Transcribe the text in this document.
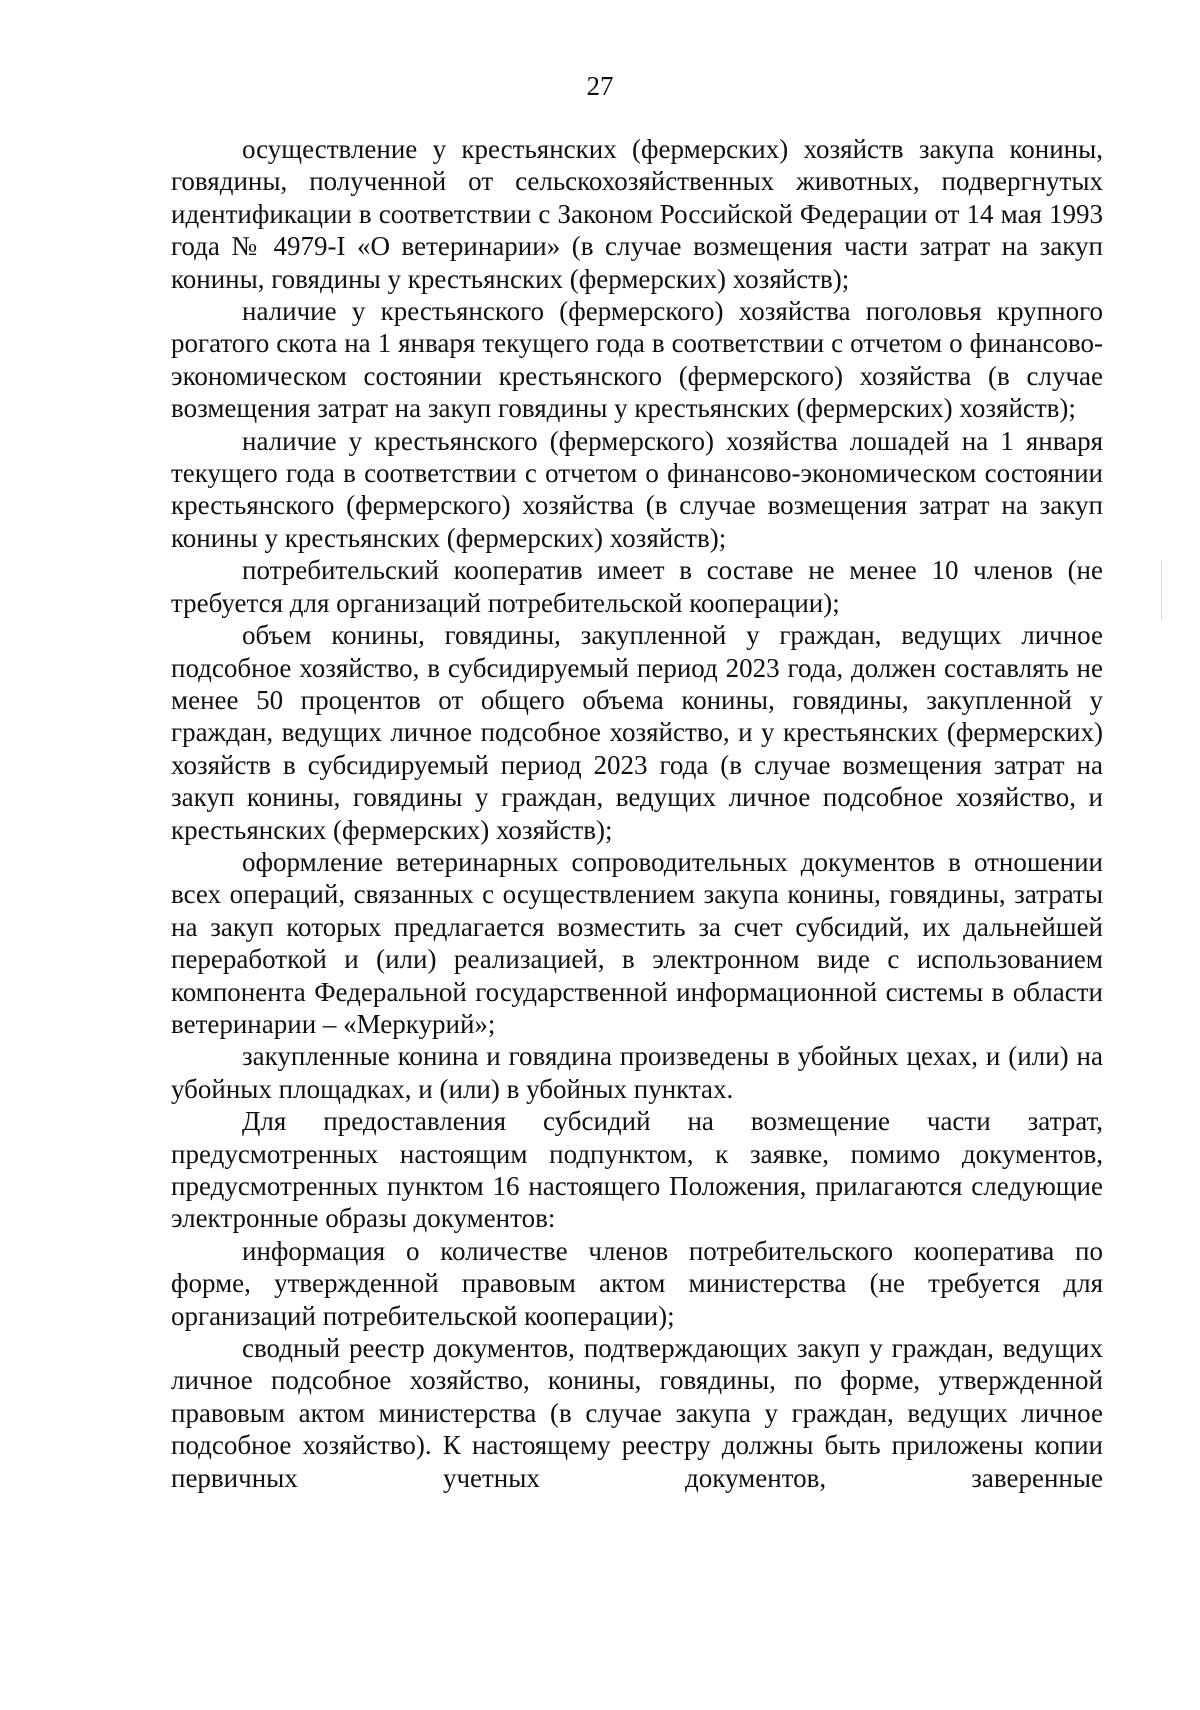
27

осуществление у крестьянских (фермерских) хозяйств закупа конины, говядины, полученной от сельскохозяйственных животных, подвергнутых идентификации в соответствии с Законом Российской Федерации от 14 мая 1993 года № 4979-I «О ветеринарии» (в случае возмещения части затрат на закуп конины, говядины у крестьянских (фермерских) хозяйств);

наличие у крестьянского (фермерского) хозяйства поголовья крупного рогатого скота на 1 января текущего года в соответствии с отчетом о финансово-экономическом состоянии крестьянского (фермерского) хозяйства (в случае возмещения затрат на закуп говядины у крестьянских (фермерских) хозяйств);

наличие у крестьянского (фермерского) хозяйства лошадей на 1 января текущего года в соответствии с отчетом о финансово-экономическом состоянии крестьянского (фермерского) хозяйства (в случае возмещения затрат на закуп конины у крестьянских (фермерских) хозяйств);

потребительский кооператив имеет в составе не менее 10 членов (не требуется для организаций потребительской кооперации);

объем конины, говядины, закупленной у граждан, ведущих личное подсобное хозяйство, в субсидируемый период 2023 года, должен составлять не менее 50 процентов от общего объема конины, говядины, закупленной у граждан, ведущих личное подсобное хозяйство, и у крестьянских (фермерских) хозяйств в субсидируемый период 2023 года (в случае возмещения затрат на закуп конины, говядины у граждан, ведущих личное подсобное хозяйство, и крестьянских (фермерских) хозяйств);

оформление ветеринарных сопроводительных документов в отношении всех операций, связанных с осуществлением закупа конины, говядины, затраты на закуп которых предлагается возместить за счет субсидий, их дальнейшей переработкой и (или) реализацией, в электронном виде с использованием компонента Федеральной государственной информационной системы в области ветеринарии – «Меркурий»;

закупленные конина и говядина произведены в убойных цехах, и (или) на убойных площадках, и (или) в убойных пунктах.

Для предоставления субсидий на возмещение части затрат, предусмотренных настоящим подпунктом, к заявке, помимо документов, предусмотренных пунктом 16 настоящего Положения, прилагаются следующие электронные образы документов:

информация о количестве членов потребительского кооператива по форме, утвержденной правовым актом министерства (не требуется для организаций потребительской кооперации);

сводный реестр документов, подтверждающих закуп у граждан, ведущих личное подсобное хозяйство, конины, говядины, по форме, утвержденной правовым актом министерства (в случае закупа у граждан, ведущих личное подсобное хозяйство). К настоящему реестру должны быть приложены копии первичных учетных документов, заверенные
